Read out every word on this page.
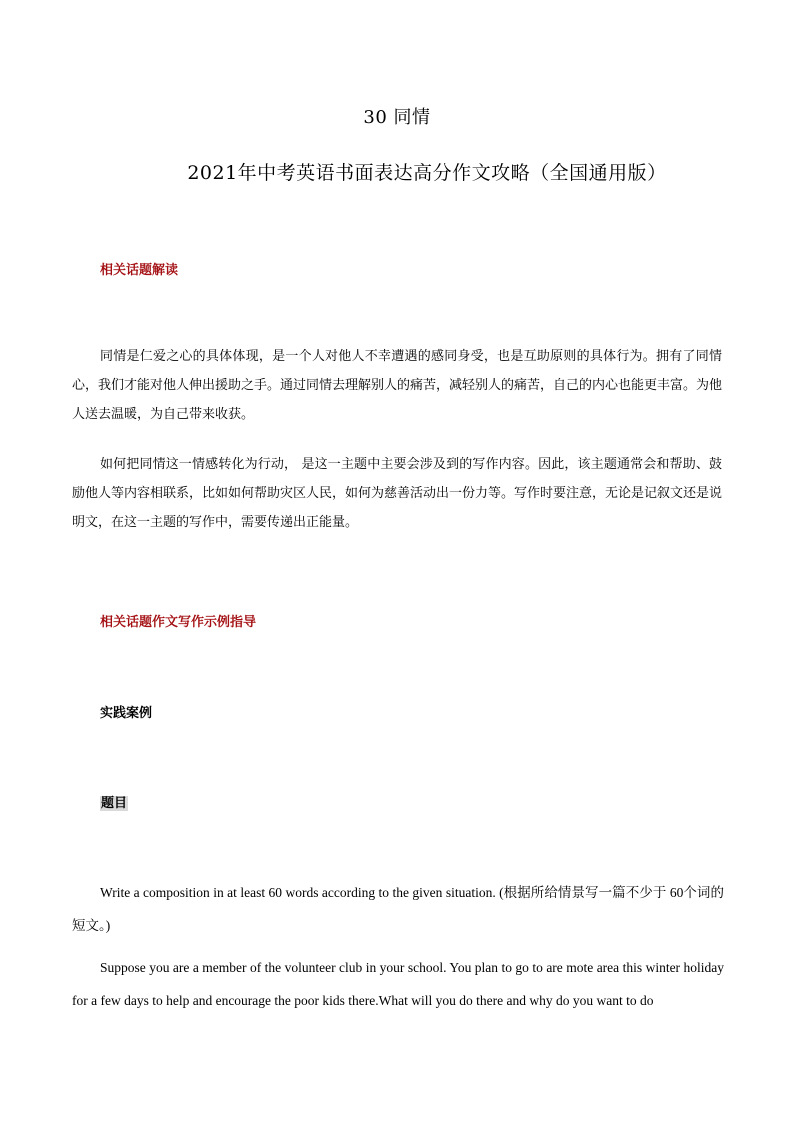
30 同情
2021年中考英语书面表达高分作文攻略（全国通用版）
相关话题解读
同情是仁爱之心的具体体现，是一个人对他人不幸遭遇的感同身受，也是互助原则的具体行为。拥有了同情心，我们才能对他人伸出援助之手。通过同情去理解别人的痛苦，减轻别人的痛苦，自己的内心也能更丰富。为他人送去温暖，为自己带来收获。
如何把同情这一情感转化为行动， 是这一主题中主要会涉及到的写作内容。因此，该主题通常会和帮助、鼓励他人等内容相联系，比如如何帮助灾区人民，如何为慈善活动出一份力等。写作时要注意，无论是记叙文还是说明文，在这一主题的写作中，需要传递出正能量。
相关话题作文写作示例指导
实践案例
题目
Write a composition in at least 60 words according to the given situation. (根据所给情景写一篇不少于 60个词的短文。)
Suppose you are a member of the volunteer club in your school. You plan to go to are mote area this winter holiday for a few days to help and encourage the poor kids there.What will you do there and why do you want to do
